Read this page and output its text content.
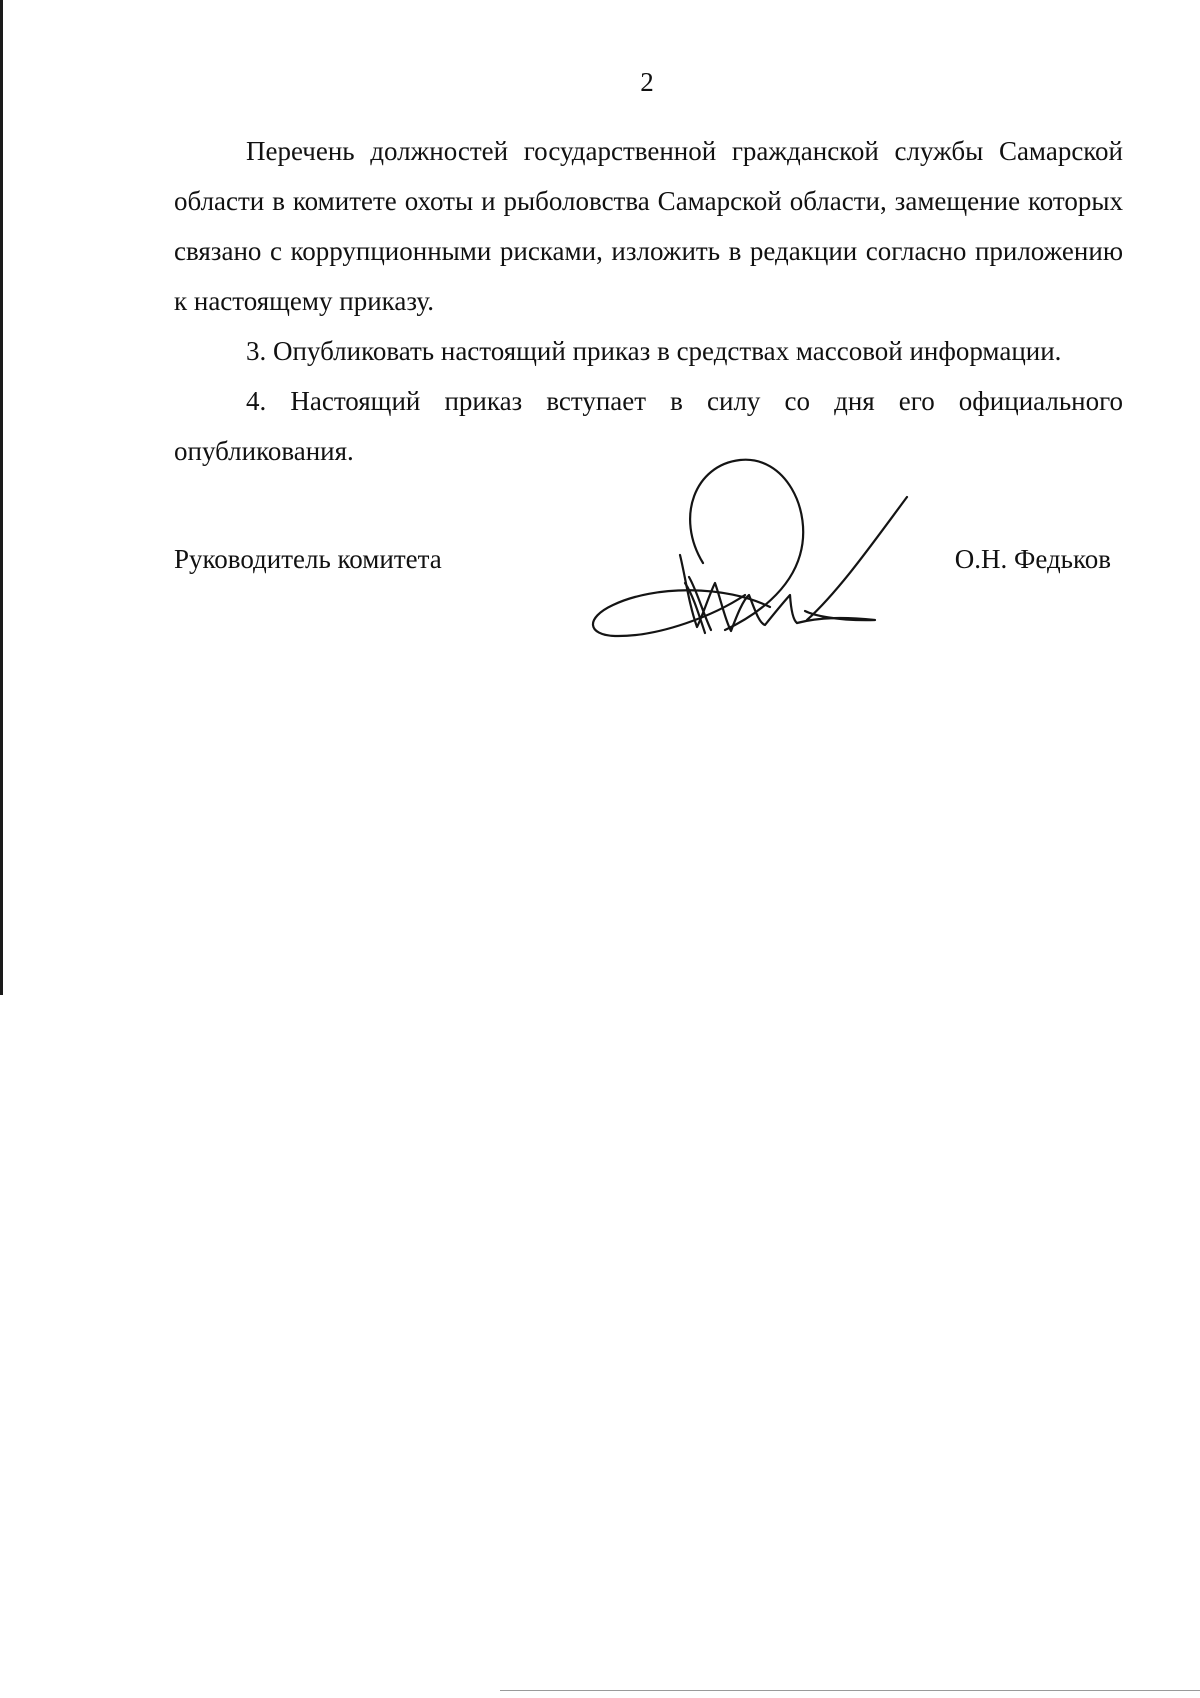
2

Перечень должностей государственной гражданской службы Самарской области в комитете охоты и рыболовства Самарской области, замещение которых связано с коррупционными рисками, изложить в редакции согласно приложению к настоящему приказу.

3. Опубликовать настоящий приказ в средствах массовой информации.

4. Настоящий приказ вступает в силу со дня его официального опубликования.

Руководитель комитета	О.Н. Федьков
